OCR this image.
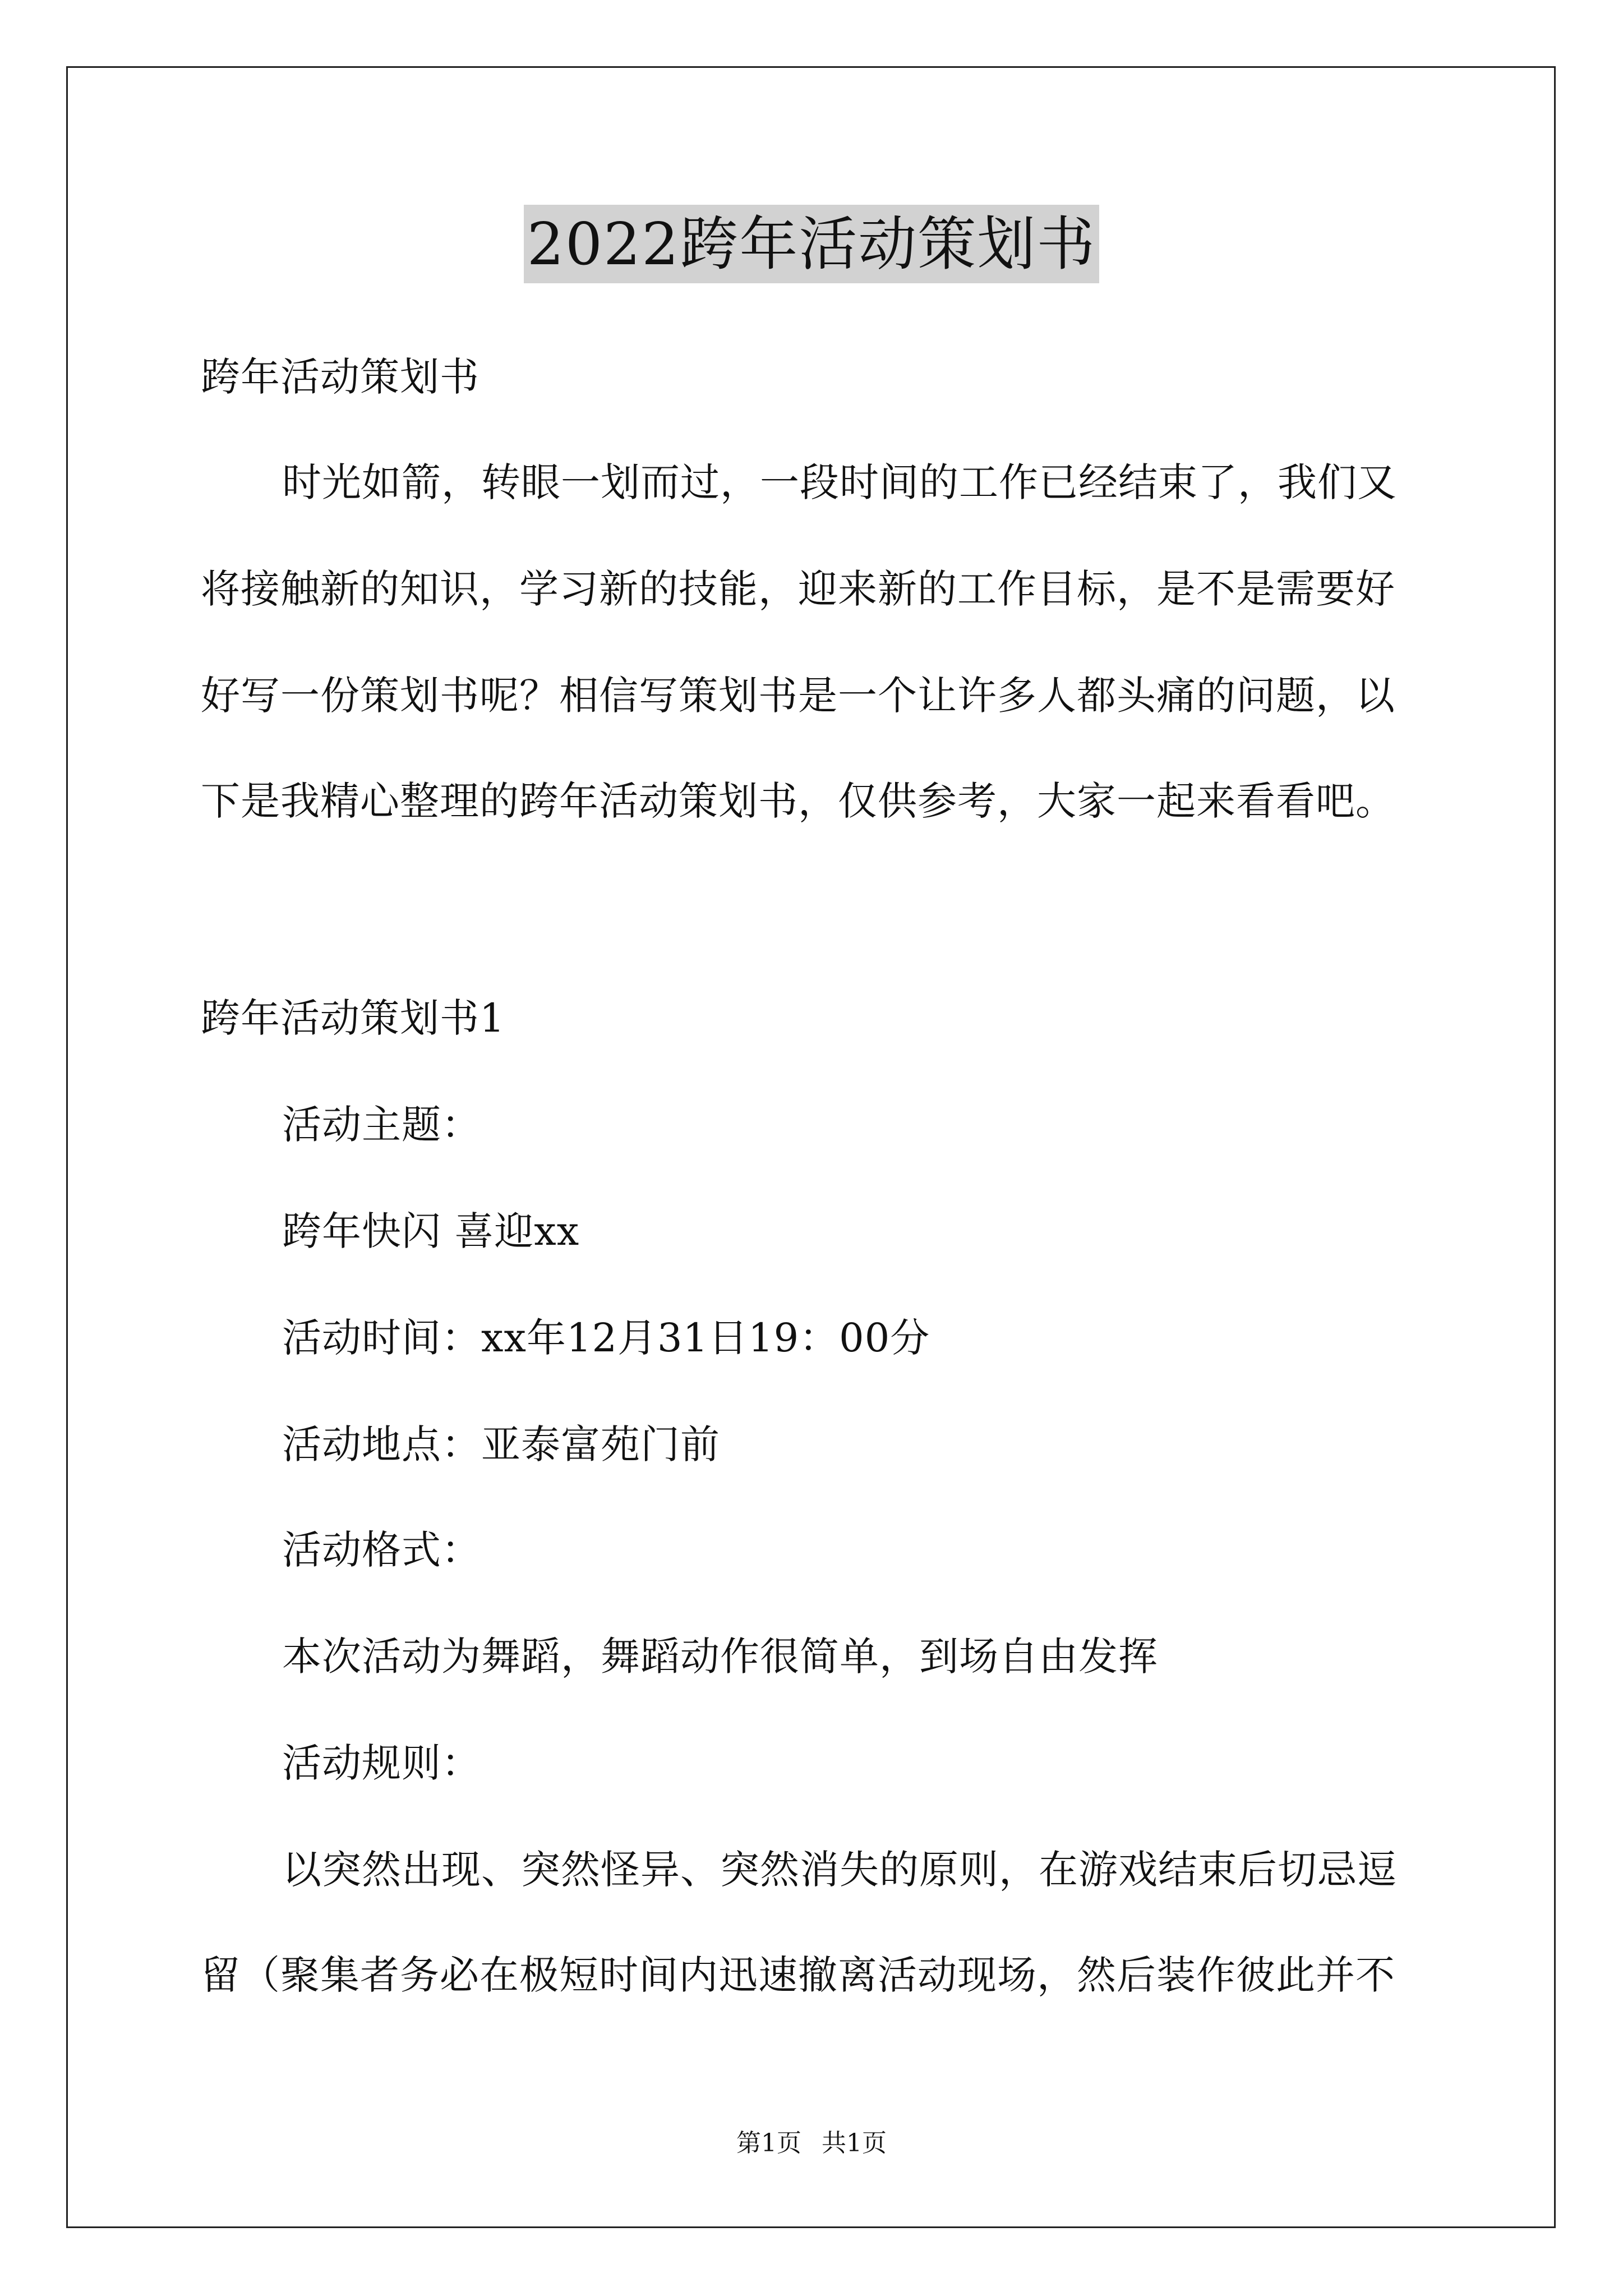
2022跨年活动策划书
跨年活动策划书
时光如箭，转眼一划而过，一段时间的工作已经结束了，我们又
将接触新的知识，学习新的技能，迎来新的工作目标，是不是需要好
好写一份策划书呢？相信写策划书是一个让许多人都头痛的问题，以
下是我精心整理的跨年活动策划书，仅供参考，大家一起来看看吧。
跨年活动策划书1
活动主题：
跨年快闪 喜迎xx
活动时间：xx年12月31日19：00分
活动地点：亚泰富苑门前
活动格式：
本次活动为舞蹈，舞蹈动作很简单，到场自由发挥
活动规则：
以突然出现、突然怪异、突然消失的原则，在游戏结束后切忌逗
留（聚集者务必在极短时间内迅速撤离活动现场，然后装作彼此并不
第1页 共1页
